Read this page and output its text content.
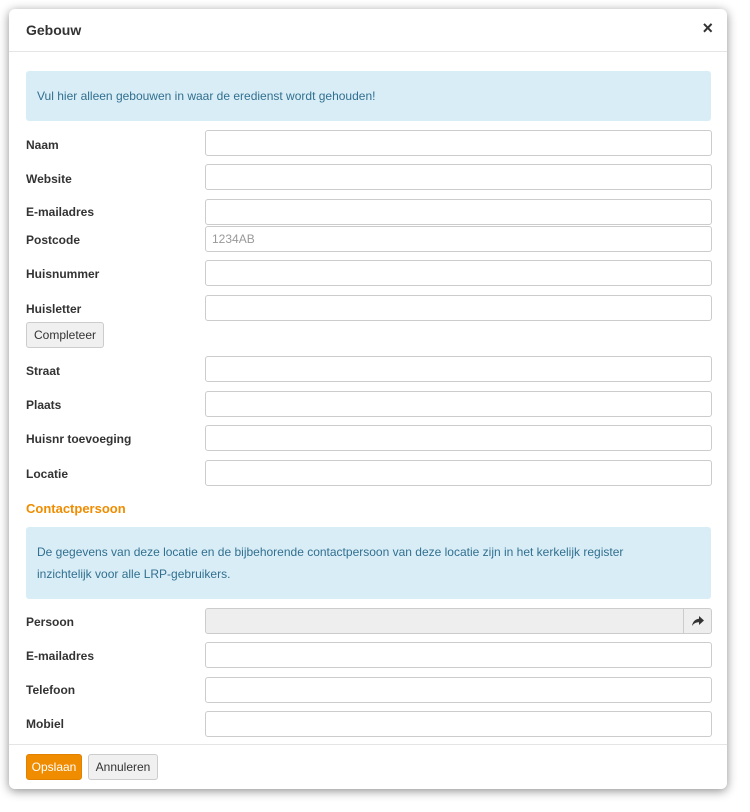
Gebouw	×
Vul hier alleen gebouwen in waar de eredienst wordt gehouden!
Naam
Website
E-mailadres
Postcode
1234AB
Huisnummer
Huisletter
Completeer
Straat
Plaats
Huisnr toevoeging
Locatie
Contactpersoon
De gegevens van deze locatie en de bijbehorende contactpersoon van deze locatie zijn in het kerkelijk register
inzichtelijk voor alle LRP-gebruikers.
Persoon
E-mailadres
Telefoon
Mobiel
Opslaan	Annuleren
